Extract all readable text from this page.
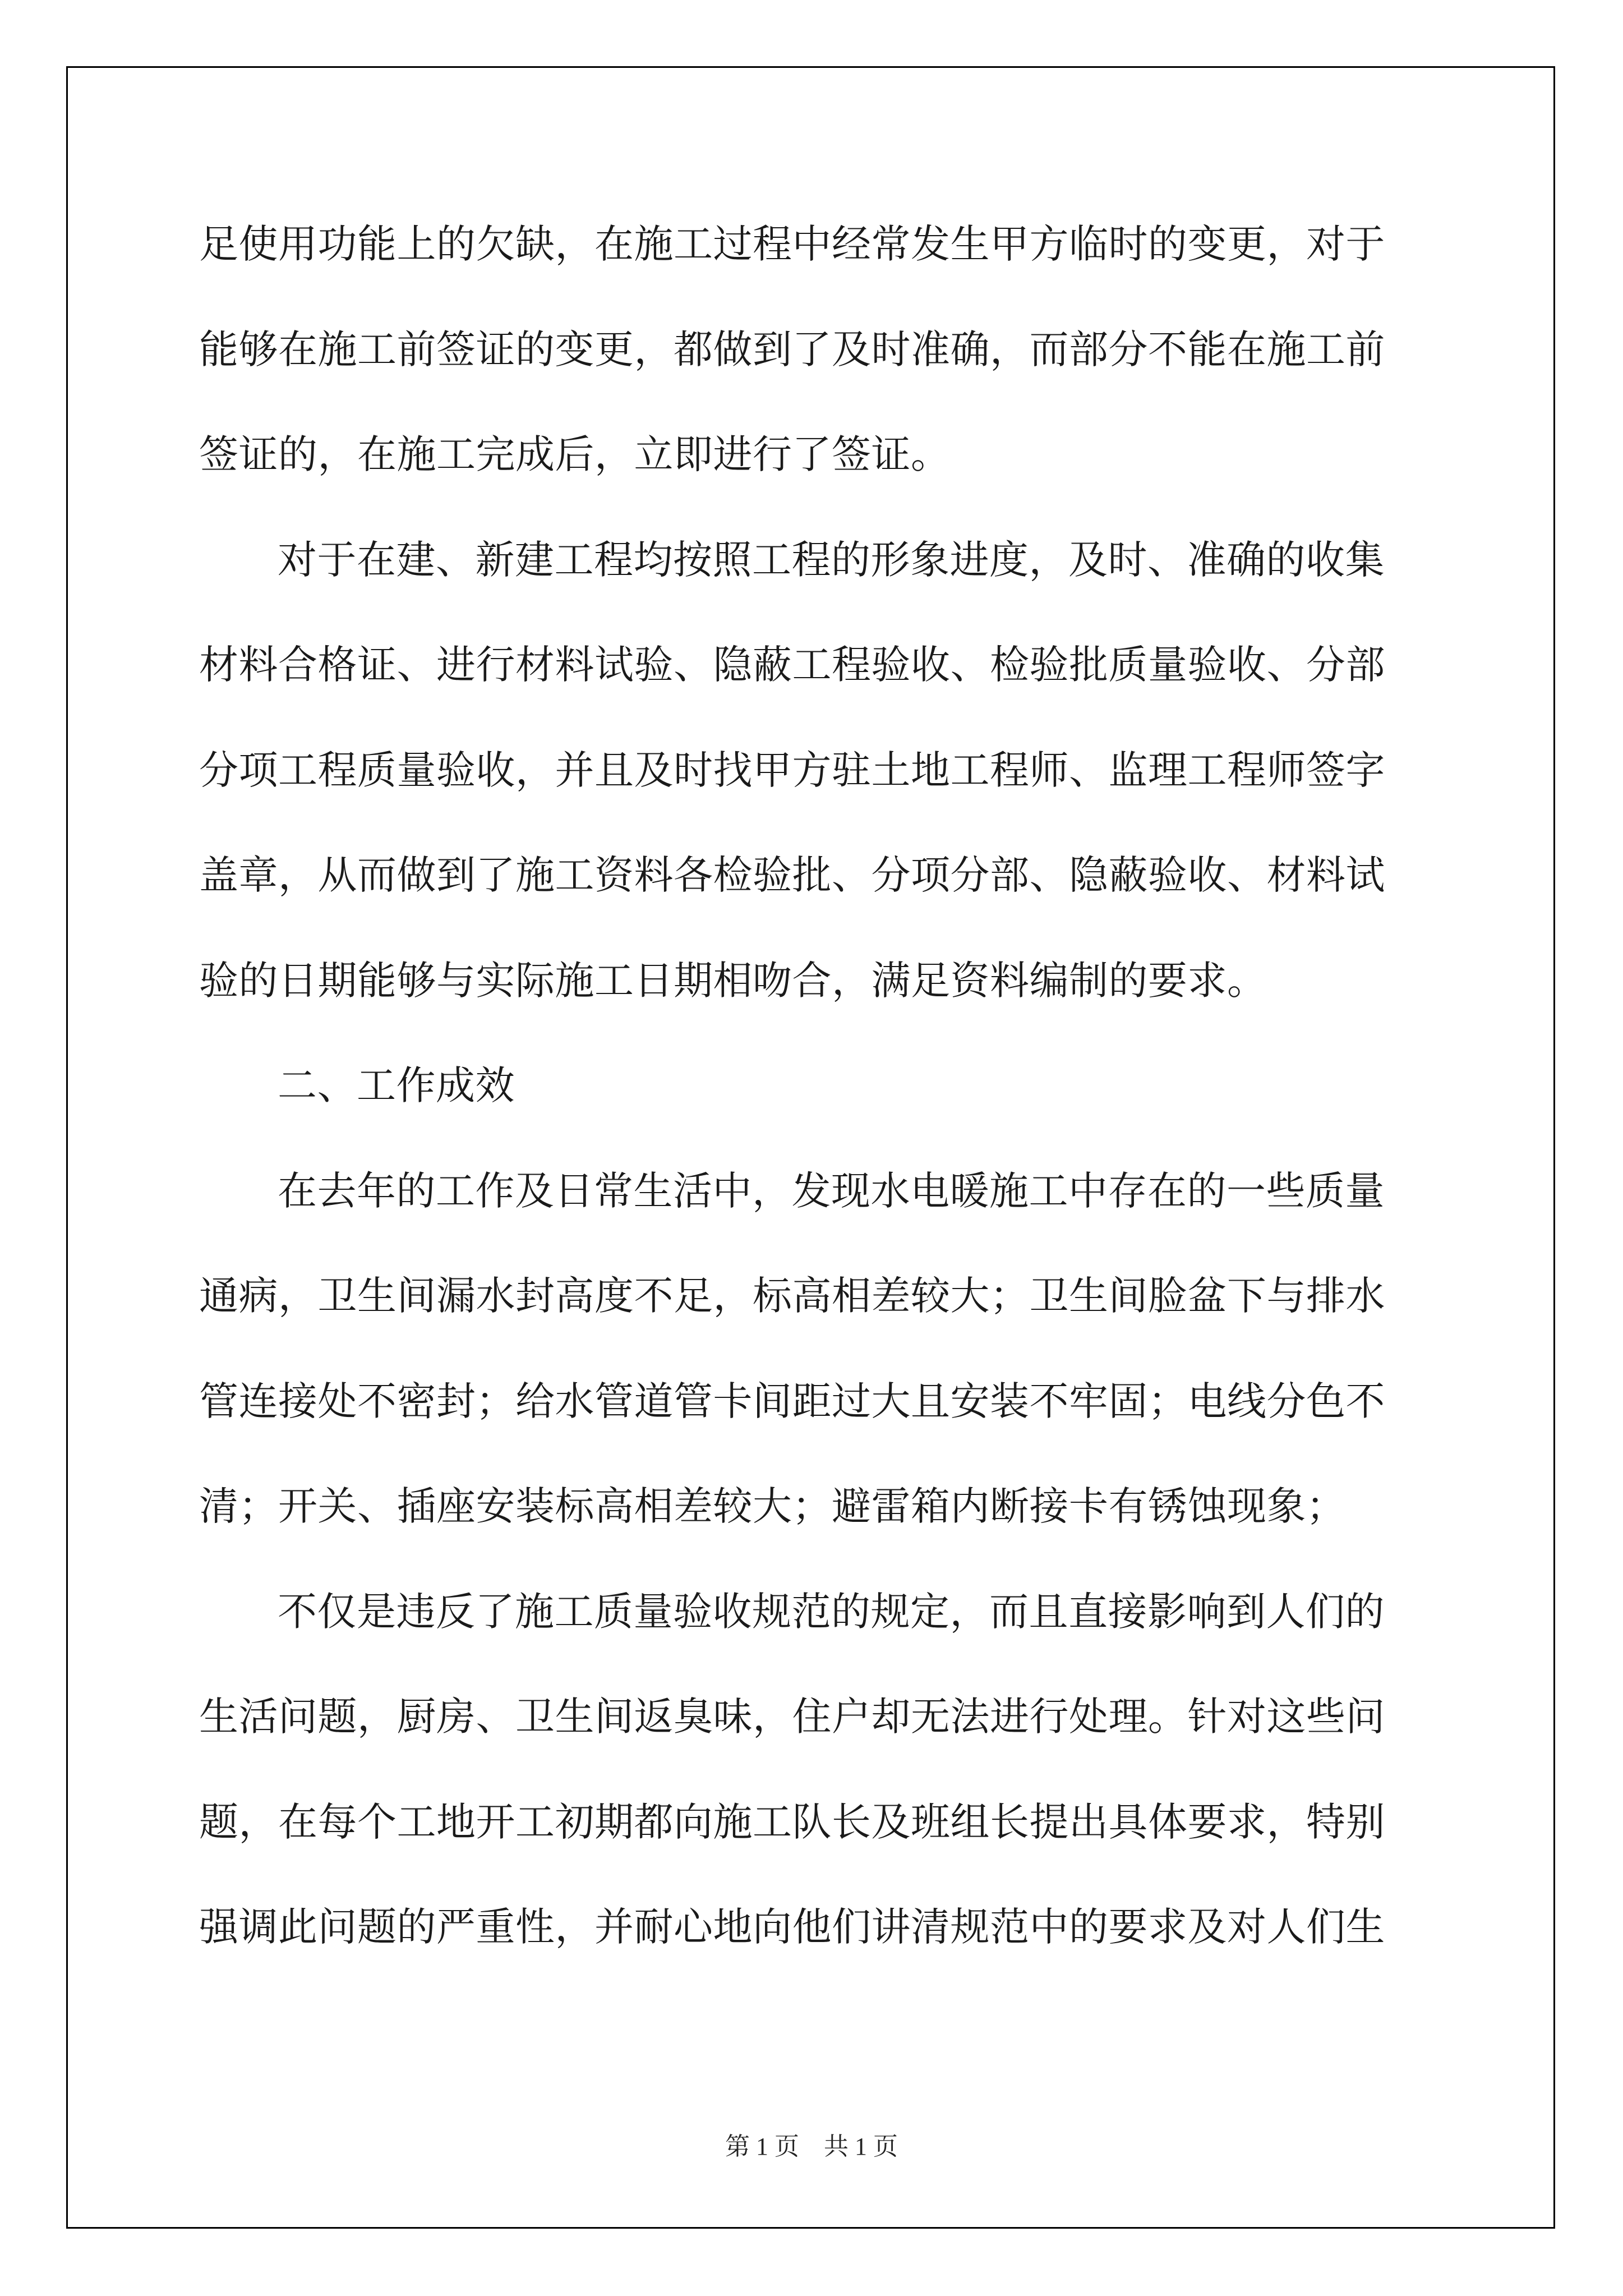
足使用功能上的欠缺，在施工过程中经常发生甲方临时的变更，对于
能够在施工前签证的变更，都做到了及时准确，而部分不能在施工前
签证的，在施工完成后，立即进行了签证。
对于在建、新建工程均按照工程的形象进度，及时、准确的收集
材料合格证、进行材料试验、隐蔽工程验收、检验批质量验收、分部
分项工程质量验收，并且及时找甲方驻土地工程师、监理工程师签字
盖章，从而做到了施工资料各检验批、分项分部、隐蔽验收、材料试
验的日期能够与实际施工日期相吻合，满足资料编制的要求。
二、工作成效
在去年的工作及日常生活中，发现水电暖施工中存在的一些质量
通病，卫生间漏水封高度不足，标高相差较大；卫生间脸盆下与排水
管连接处不密封；给水管道管卡间距过大且安装不牢固；电线分色不
清；开关、插座安装标高相差较大；避雷箱内断接卡有锈蚀现象；
不仅是违反了施工质量验收规范的规定，而且直接影响到人们的
生活问题，厨房、卫生间返臭味，住户却无法进行处理。针对这些问
题，在每个工地开工初期都向施工队长及班组长提出具体要求，特别
强调此问题的严重性，并耐心地向他们讲清规范中的要求及对人们生
第 1 页　共 1 页
